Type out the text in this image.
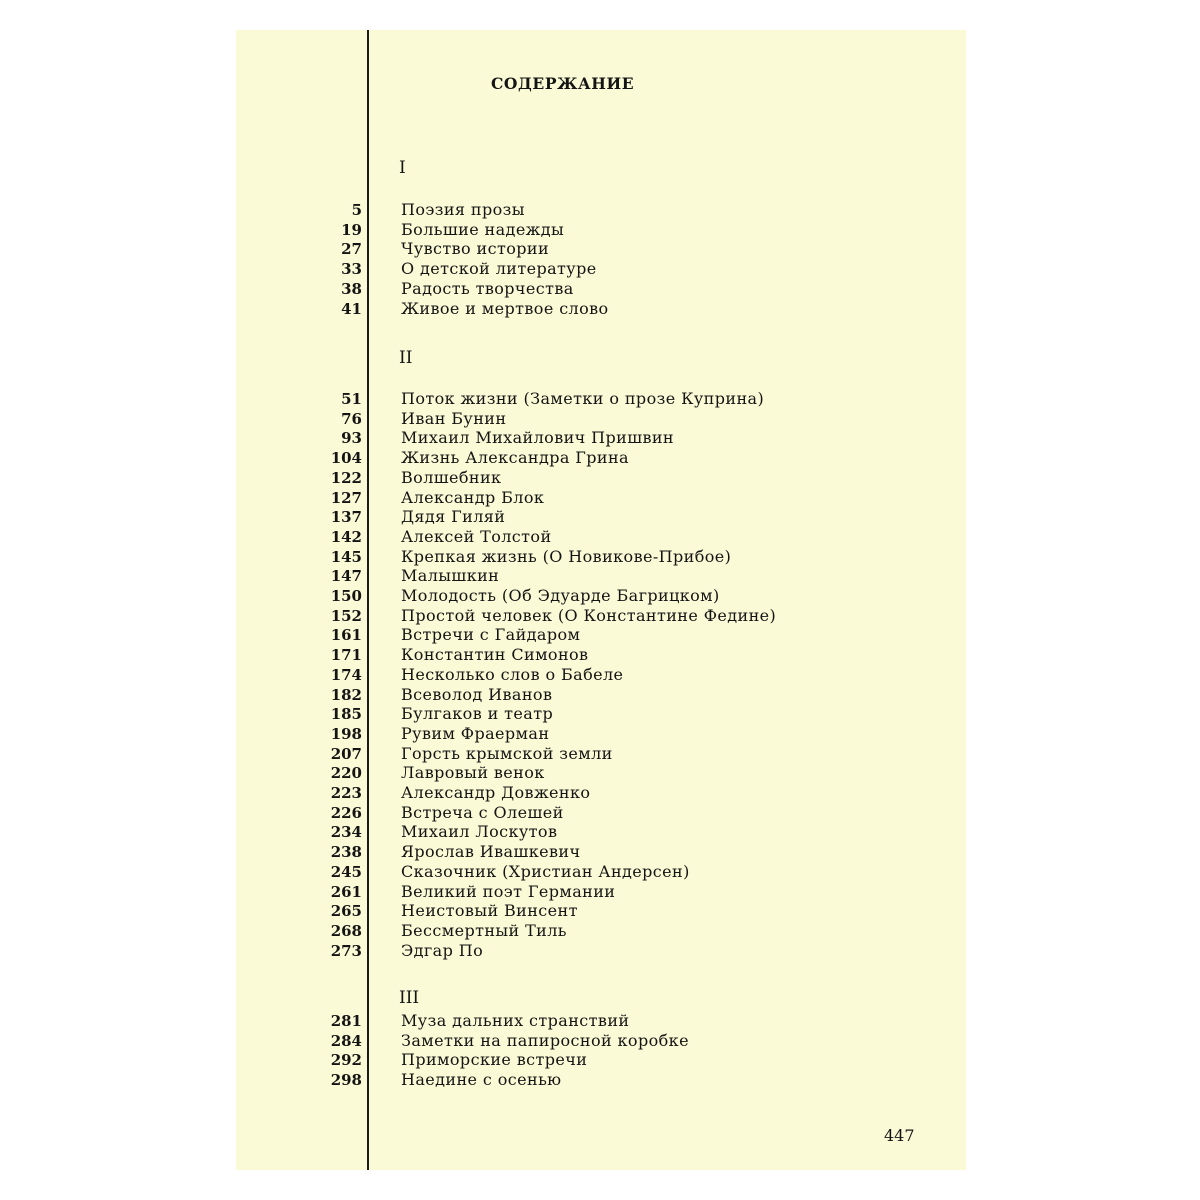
СОДЕРЖАНИЕ
I
5 Поэзия прозы
19 Большие надежды
27 Чувство истории
33 О детской литературе
38 Радость творчества
41 Живое и мертвое слово
II
51 Поток жизни (Заметки о прозе Куприна)
76 Иван Бунин
93 Михаил Михайлович Пришвин
104 Жизнь Александра Грина
122 Волшебник
127 Александр Блок
137 Дядя Гиляй
142 Алексей Толстой
145 Крепкая жизнь (О Новикове-Прибое)
147 Малышкин
150 Молодость (Об Эдуарде Багрицком)
152 Простой человек (О Константине Федине)
161 Встречи с Гайдаром
171 Константин Симонов
174 Несколько слов о Бабеле
182 Всеволод Иванов
185 Булгаков и театр
198 Рувим Фраерман
207 Горсть крымской земли
220 Лавровый венок
223 Александр Довженко
226 Встреча с Олешей
234 Михаил Лоскутов
238 Ярослав Ивашкевич
245 Сказочник (Христиан Андерсен)
261 Великий поэт Германии
265 Неистовый Винсент
268 Бессмертный Тиль
273 Эдгар По
III
281 Муза дальних странствий
284 Заметки на папиросной коробке
292 Приморские встречи
298 Наедине с осенью
447
